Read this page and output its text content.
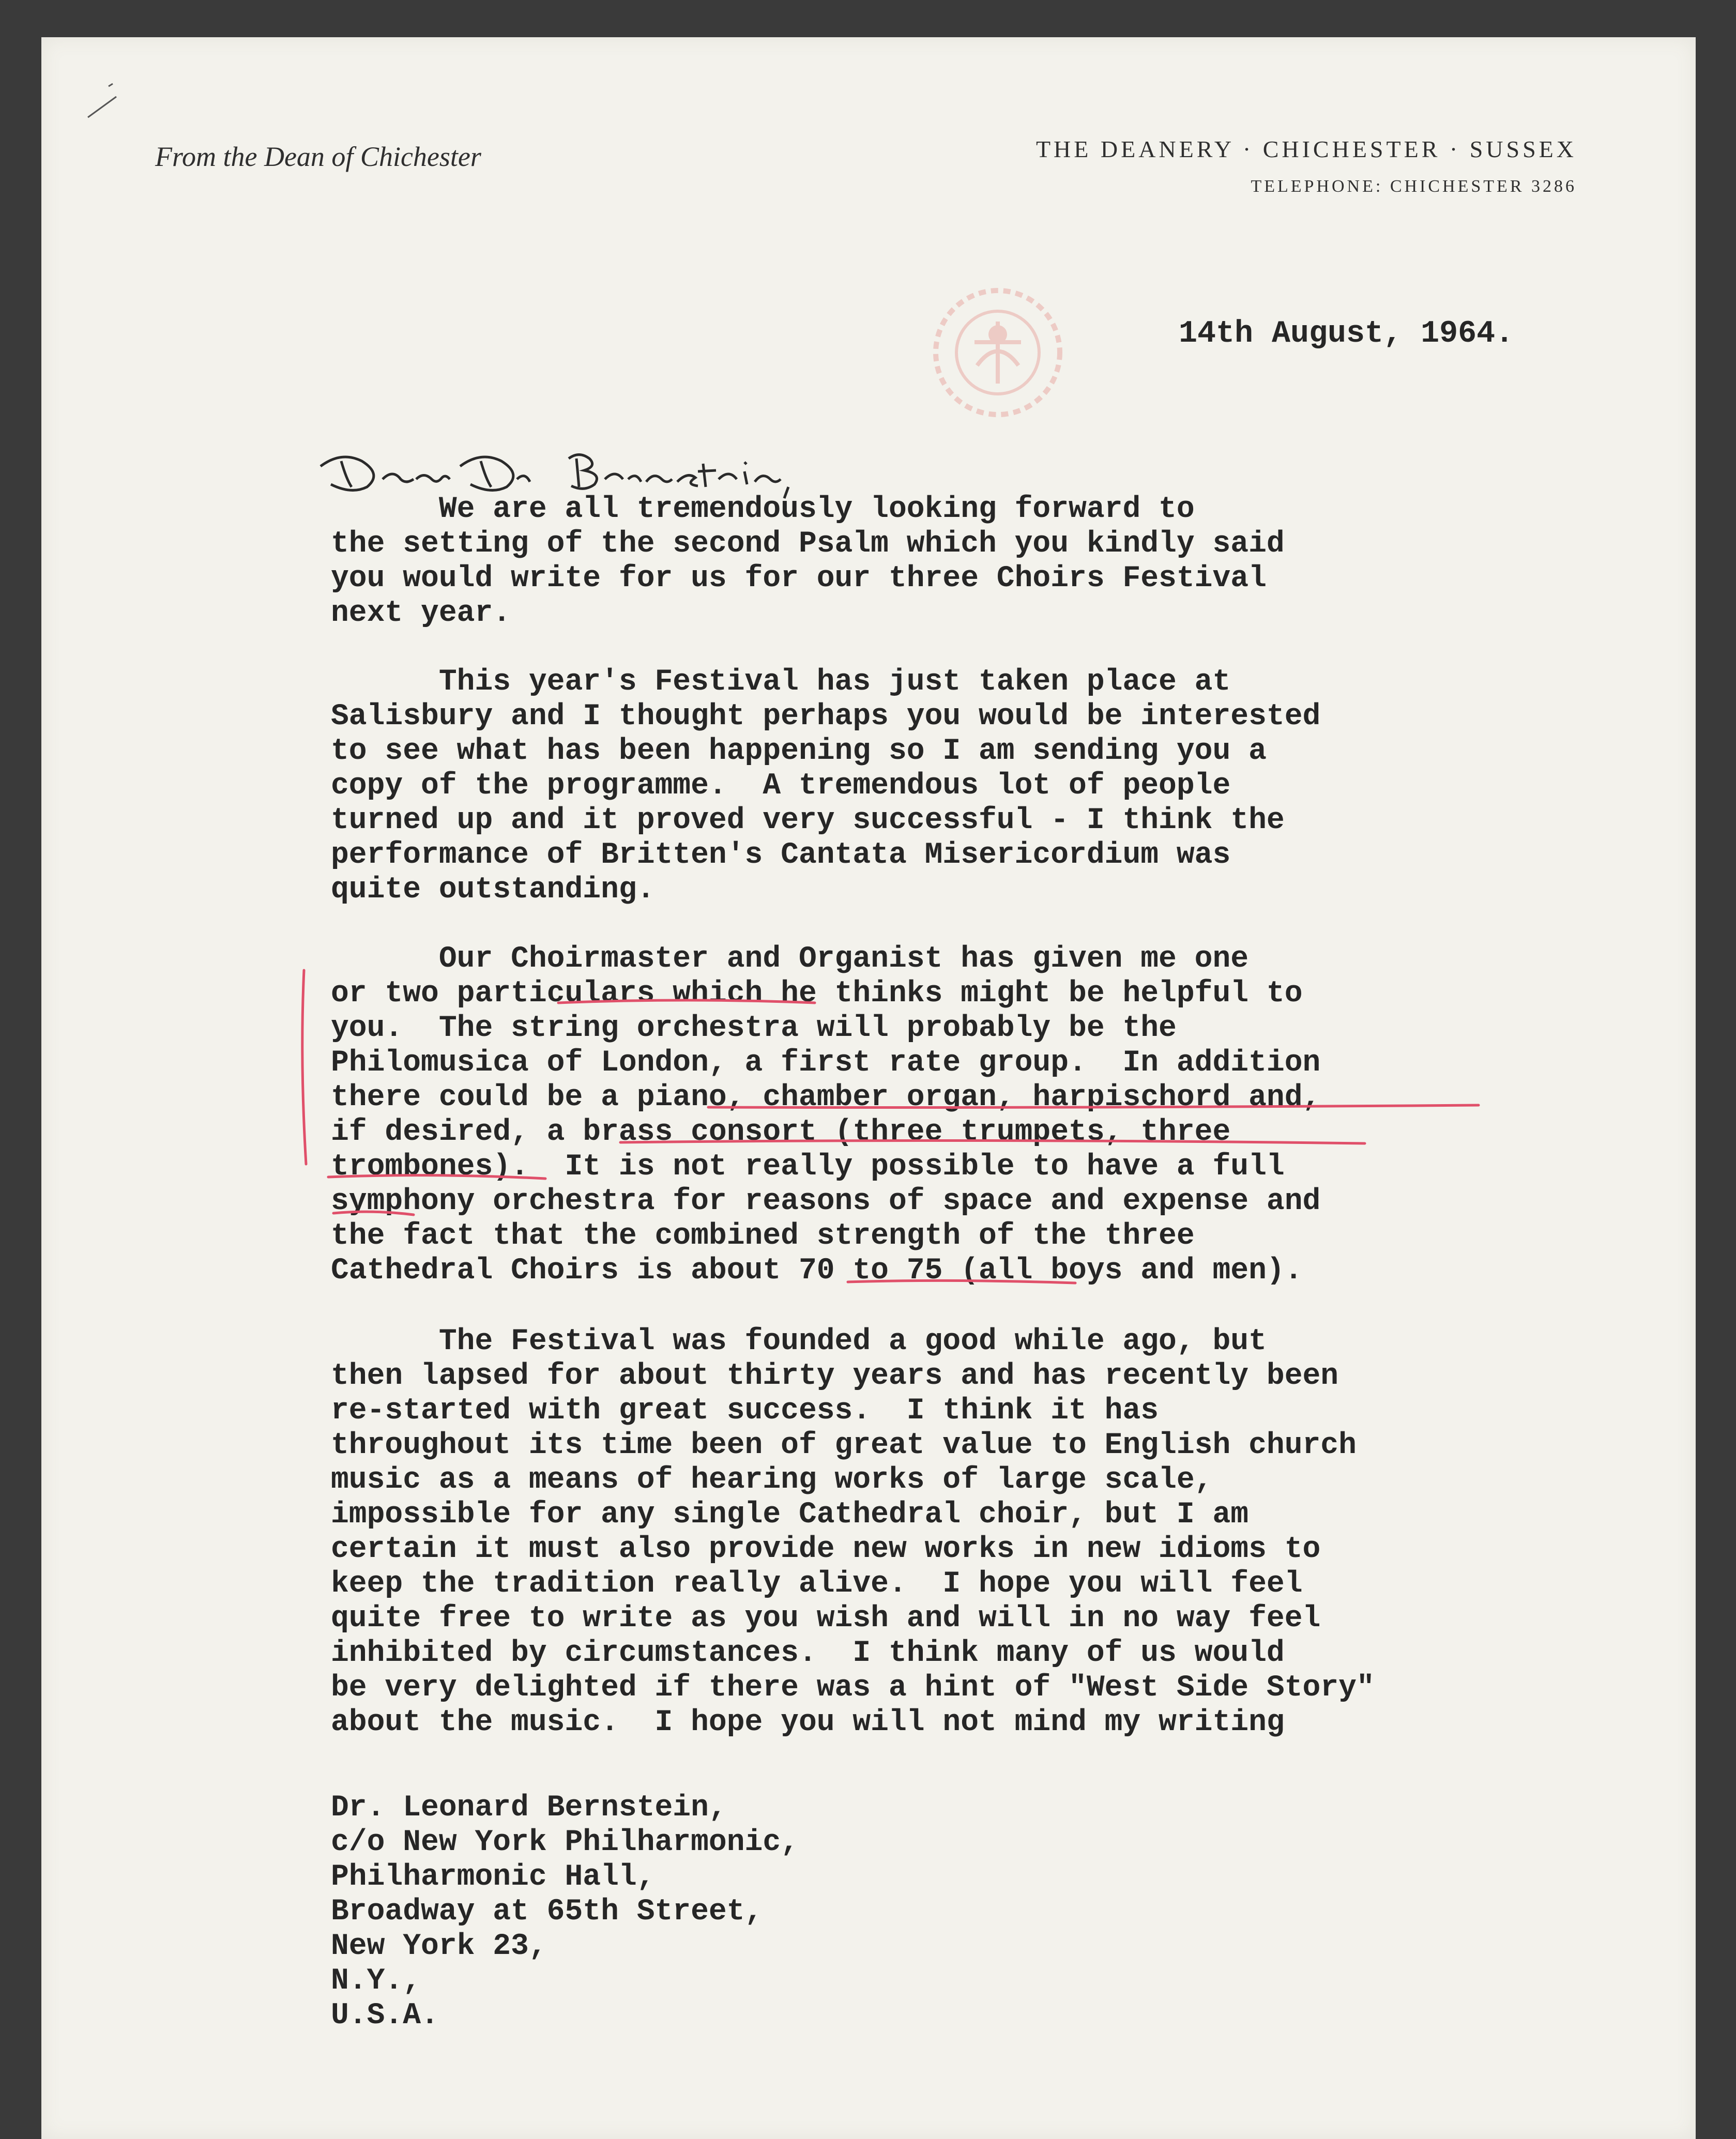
From the Dean of Chichester	THE DEANERY · CHICHESTER · SUSSEX
TELEPHONE: CHICHESTER 3286
14th August, 1964.
We are all tremendously looking forward to
the setting of the second Psalm which you kindly said
you would write for us for our three Choirs Festival
next year.
This year's Festival has just taken place at
Salisbury and I thought perhaps you would be interested
to see what has been happening so I am sending you a
copy of the programme.  A tremendous lot of people
turned up and it proved very successful - I think the
performance of Britten's Cantata Misericordium was
quite outstanding.
Our Choirmaster and Organist has given me one
or two particulars which he thinks might be helpful to
you.  The string orchestra will probably be the
Philomusica of London, a first rate group.  In addition
there could be a piano, chamber organ, harpischord and,
if desired, a brass consort (three trumpets, three
trombones).  It is not really possible to have a full
symphony orchestra for reasons of space and expense and
the fact that the combined strength of the three
Cathedral Choirs is about 70 to 75 (all boys and men).
The Festival was founded a good while ago, but
then lapsed for about thirty years and has recently been
re-started with great success.  I think it has
throughout its time been of great value to English church
music as a means of hearing works of large scale,
impossible for any single Cathedral choir, but I am
certain it must also provide new works in new idioms to
keep the tradition really alive.  I hope you will feel
quite free to write as you wish and will in no way feel
inhibited by circumstances.  I think many of us would
be very delighted if there was a hint of "West Side Story"
about the music.  I hope you will not mind my writing
Dr. Leonard Bernstein,
c/o New York Philharmonic,
Philharmonic Hall,
Broadway at 65th Street,
New York 23,
N.Y.,
U.S.A.
